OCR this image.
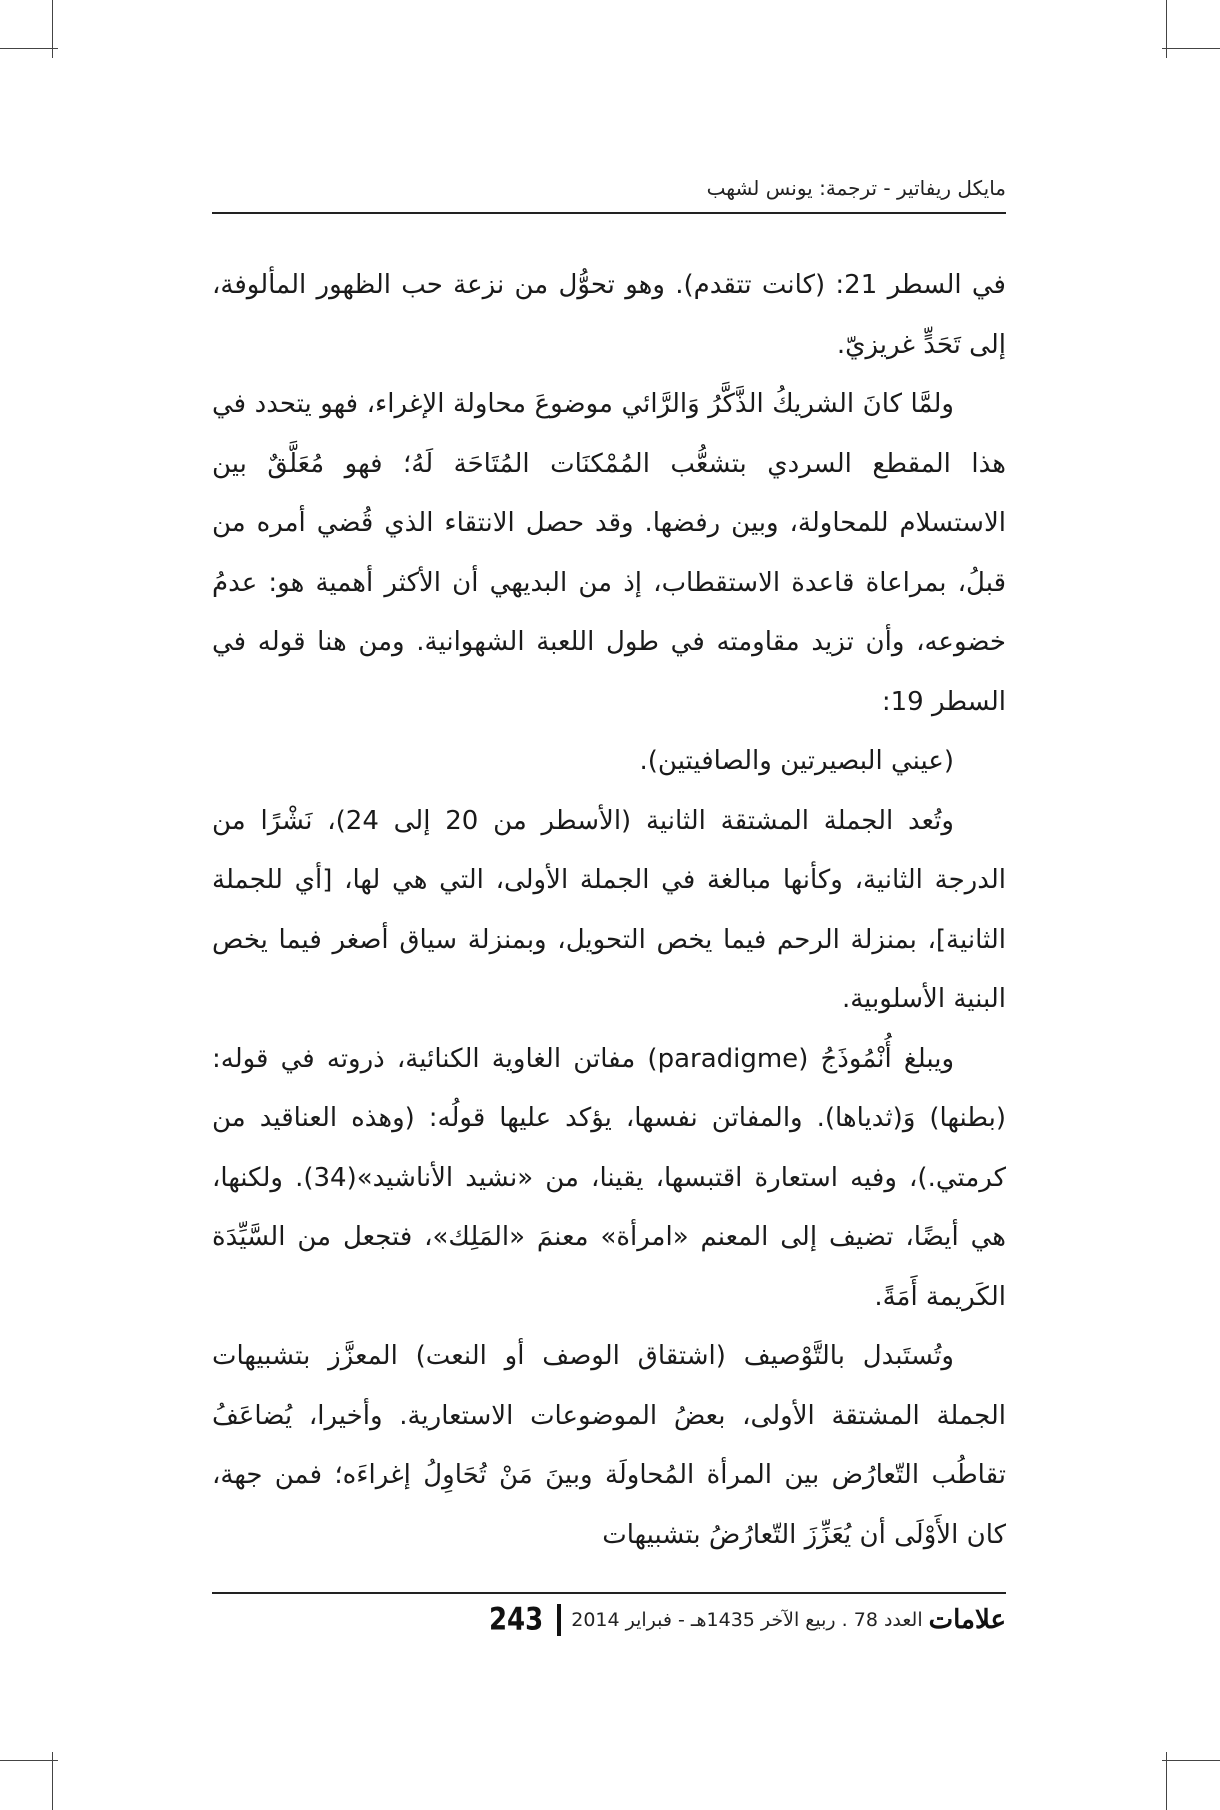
مايكل ريفاتير - ترجمة: يونس لشهب

في السطر 21: (كانت تتقدم). وهو تحوُّل من نزعة حب الظهور المألوفة، إلى تَحَدٍّ غريزيّ.

ولمَّا كانَ الشريكُ الذَّكَّرُ وَالرَّائي موضوعَ محاولة الإغراء، فهو يتحدد في هذا المقطع السردي بتشعُّب المُمْكنَات المُتَاحَة لَهُ؛ فهو مُعَلَّقٌ بين الاستسلام للمحاولة، وبين رفضها. وقد حصل الانتقاء الذي قُضي أمره من قبلُ، بمراعاة قاعدة الاستقطاب، إذ من البديهي أن الأكثر أهمية هو: عدمُ خضوعه، وأن تزيد مقاومته في طول اللعبة الشهوانية. ومن هنا قوله في السطر 19:

(عيني البصيرتين والصافيتين).

وتُعد الجملة المشتقة الثانية (الأسطر من 20 إلى 24)، نَشْرًا من الدرجة الثانية، وكأنها مبالغة في الجملة الأولى، التي هي لها، [أي للجملة الثانية]، بمنزلة الرحم فيما يخص التحويل، وبمنزلة سياق أصغر فيما يخص البنية الأسلوبية.

ويبلغ أُنْمُوذَجُ (paradigme) مفاتن الغاوية الكنائية، ذروته في قوله: (بطنها) وَ(ثدياها). والمفاتن نفسها، يؤكد عليها قولُه: (وهذه العناقيد من كرمتي.)، وفيه استعارة اقتبسها، يقينا، من «نشيد الأناشيد»(34). ولكنها، هي أيضًا، تضيف إلى المعنم «امرأة» معنمَ «المَلِك»، فتجعل من السَّيِّدَة الكَريمة أَمَةً.

وتُستَبدل بالتَّوْصيف (اشتقاق الوصف أو النعت) المعزَّز بتشبيهات الجملة المشتقة الأولى، بعضُ الموضوعات الاستعارية. وأخيرا، يُضاعَفُ تقاطُب التّعارُض بين المرأة المُحاولَة وبينَ مَنْ تُحَاوِلُ إغراءَه؛ فمن جهة، كان الأَوْلَى أن يُعَزِّزَ التّعارُضُ بتشبيهات

علامات
العدد 78 . ربيع الآخر 1435هـ - فبراير 2014
243
